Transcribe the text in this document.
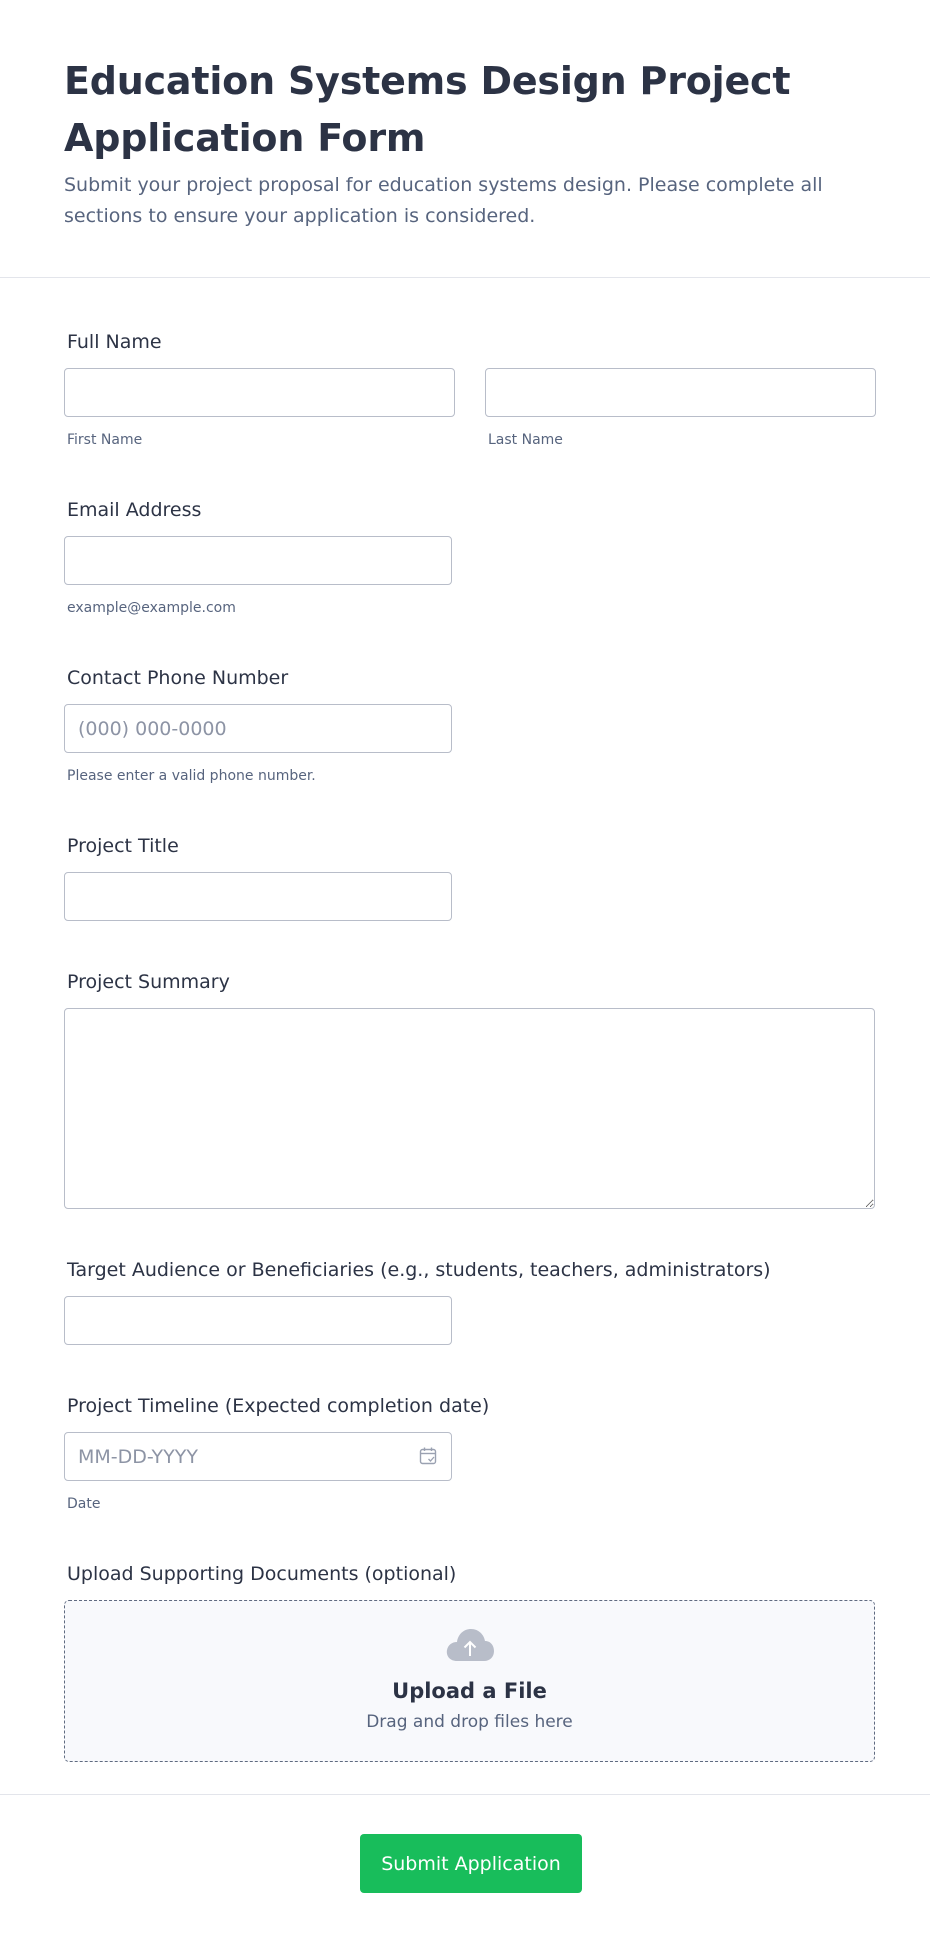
Education Systems Design Project Application Form

Submit your project proposal for education systems design. Please complete all sections to ensure your application is considered.

Full Name
First Name	Last Name
Email Address
example@example.com
Contact Phone Number
(000) 000-0000
Please enter a valid phone number.
Project Title
Project Summary
Target Audience or Beneficiaries (e.g., students, teachers, administrators)
Project Timeline (Expected completion date)
MM-DD-YYYY
Date
Upload Supporting Documents (optional)
Upload a File
Drag and drop files here
Submit Application
